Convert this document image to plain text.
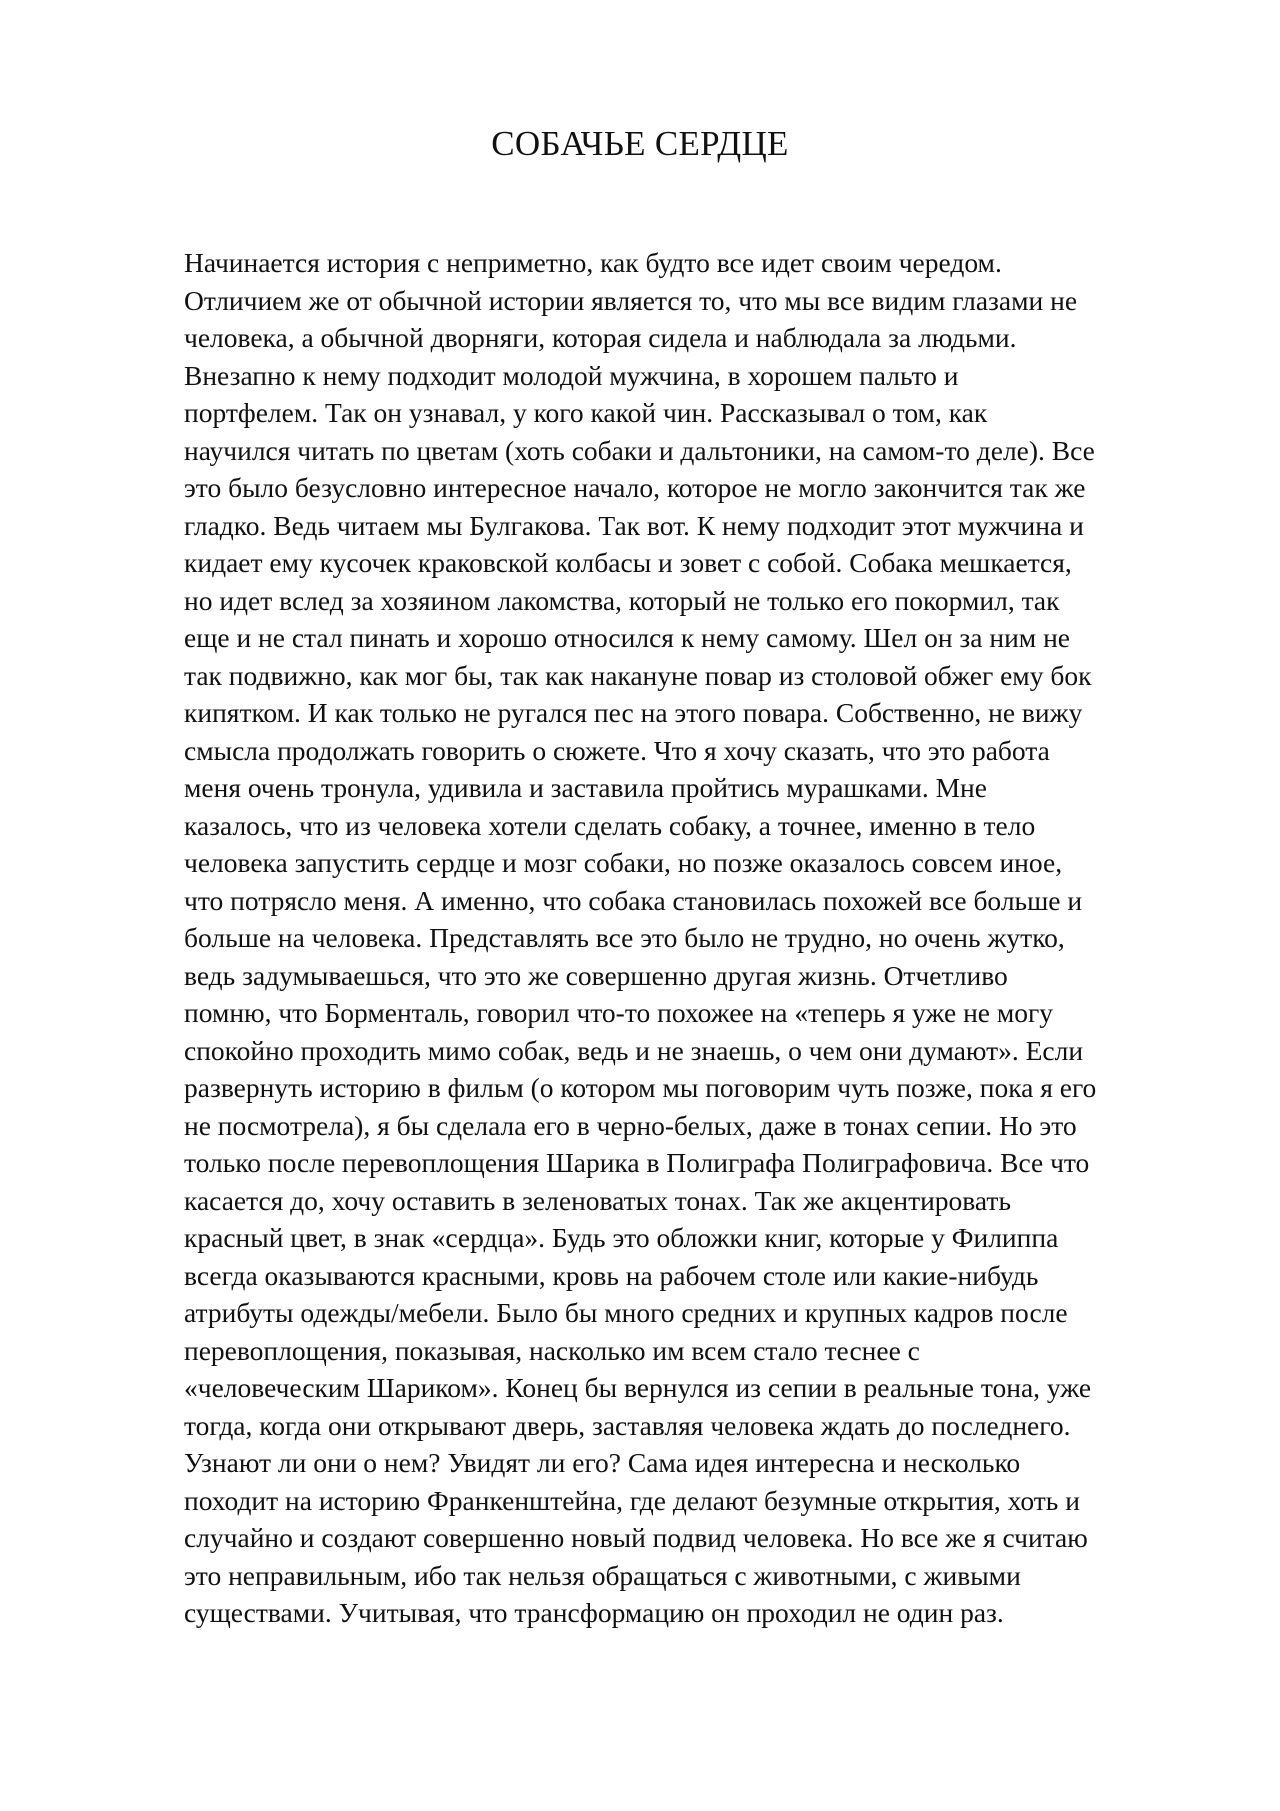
СОБАЧЬЕ СЕРДЦЕ
Начинается история с неприметно, как будто все идет своим чередом.
Отличием же от обычной истории является то, что мы все видим глазами не
человека, а обычной дворняги, которая сидела и наблюдала за людьми.
Внезапно к нему подходит молодой мужчина, в хорошем пальто и
портфелем. Так он узнавал, у кого какой чин. Рассказывал о том, как
научился читать по цветам (хоть собаки и дальтоники, на самом-то деле). Все
это было безусловно интересное начало, которое не могло закончится так же
гладко. Ведь читаем мы Булгакова. Так вот. К нему подходит этот мужчина и
кидает ему кусочек краковской колбасы и зовет с собой. Собака мешкается,
но идет вслед за хозяином лакомства, который не только его покормил, так
еще и не стал пинать и хорошо относился к нему самому. Шел он за ним не
так подвижно, как мог бы, так как накануне повар из столовой обжег ему бок
кипятком. И как только не ругался пес на этого повара. Собственно, не вижу
смысла продолжать говорить о сюжете. Что я хочу сказать, что это работа
меня очень тронула, удивила и заставила пройтись мурашками. Мне
казалось, что из человека хотели сделать собаку, а точнее, именно в тело
человека запустить сердце и мозг собаки, но позже оказалось совсем иное,
что потрясло меня. А именно, что собака становилась похожей все больше и
больше на человека. Представлять все это было не трудно, но очень жутко,
ведь задумываешься, что это же совершенно другая жизнь. Отчетливо
помню, что Борменталь, говорил что-то похожее на «теперь я уже не могу
спокойно проходить мимо собак, ведь и не знаешь, о чем они думают». Если
развернуть историю в фильм (о котором мы поговорим чуть позже, пока я его
не посмотрела), я бы сделала его в черно-белых, даже в тонах сепии. Но это
только после перевоплощения Шарика в Полиграфа Полиграфовича. Все что
касается до, хочу оставить в зеленоватых тонах. Так же акцентировать
красный цвет, в знак «сердца». Будь это обложки книг, которые у Филиппа
всегда оказываются красными, кровь на рабочем столе или какие-нибудь
атрибуты одежды/мебели. Было бы много средних и крупных кадров после
перевоплощения, показывая, насколько им всем стало теснее с
«человеческим Шариком». Конец бы вернулся из сепии в реальные тона, уже
тогда, когда они открывают дверь, заставляя человека ждать до последнего.
Узнают ли они о нем? Увидят ли его? Сама идея интересна и несколько
походит на историю Франкенштейна, где делают безумные открытия, хоть и
случайно и создают совершенно новый подвид человека. Но все же я считаю
это неправильным, ибо так нельзя обращаться с животными, с живыми
существами. Учитывая, что трансформацию он проходил не один раз.
